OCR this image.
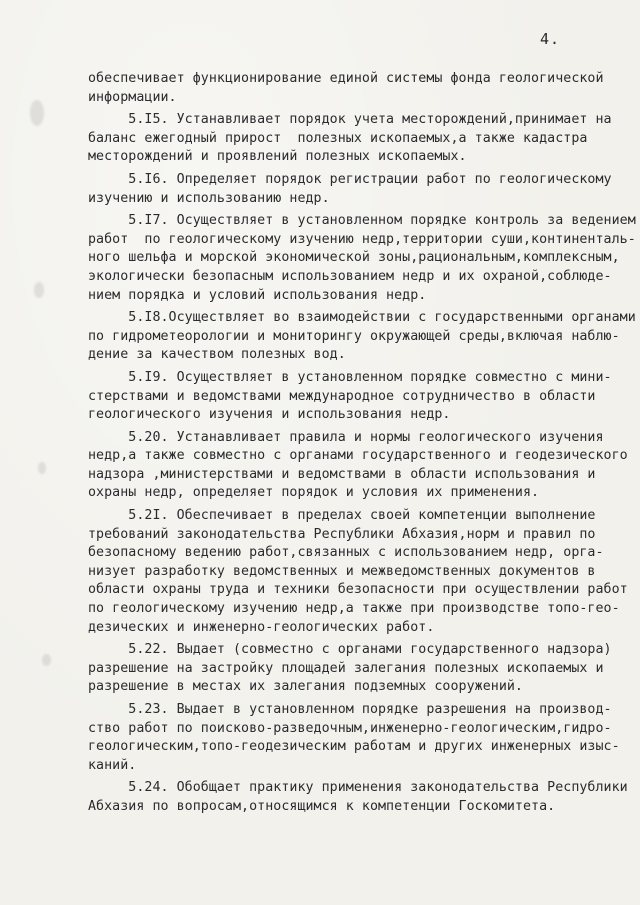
4.
обеспечивает функционирование единой системы фонда геологической
информации.
5.I5. Устанавливает порядок учета месторождений,принимает на
баланс ежегодный прирост  полезных ископаемых,а также кадастра
месторождений и проявлений полезных ископаемых.
5.I6. Определяет порядок регистрации работ по геологическому
изучению и использованию недр.
5.I7. Осуществляет в установленном порядке контроль за ведением
работ  по геологическому изучению недр,территории суши,континенталь-
ного шельфа и морской экономической зоны,рациональным,комплексным,
экологически безопасным использованием недр и их охраной,соблюде-
нием порядка и условий использования недр.
5.I8.Осуществляет во взаимодействии с государственными органами
по гидрометеорологии и мониторингу окружающей среды,включая наблю-
дение за качеством полезных вод.
5.I9. Осуществляет в установленном порядке совместно с мини-
стерствами и ведомствами международное сотрудничество в области
геологического изучения и использования недр.
5.20. Устанавливает правила и нормы геологического изучения
недр,а также совместно с органами государственного и геодезического
надзора ,министерствами и ведомствами в области использования и
охраны недр, определяет порядок и условия их применения.
5.2I. Обеспечивает в пределах своей компетенции выполнение
требований законодательства Республики Абхазия,норм и правил по
безопасному ведению работ,связанных с использованием недр, орга-
низует разработку ведомственных и межведомственных документов в
области охраны труда и техники безопасности при осуществлении работ
по геологическому изучению недр,а также при производстве топо-гео-
дезических и инженерно-геологических работ.
5.22. Выдает (совместно с органами государственного надзора)
разрешение на застройку площадей залегания полезных ископаемых и
разрешение в местах их залегания подземных сооружений.
5.23. Выдает в установленном порядке разрешения на производ-
ство работ по поисково-разведочным,инженерно-геологическим,гидро-
геологическим,топо-геодезическим работам и других инженерных изыс-
каний.
5.24. Обобщает практику применения законодательства Республики
Абхазия по вопросам,относящимся к компетенции Госкомитета.
